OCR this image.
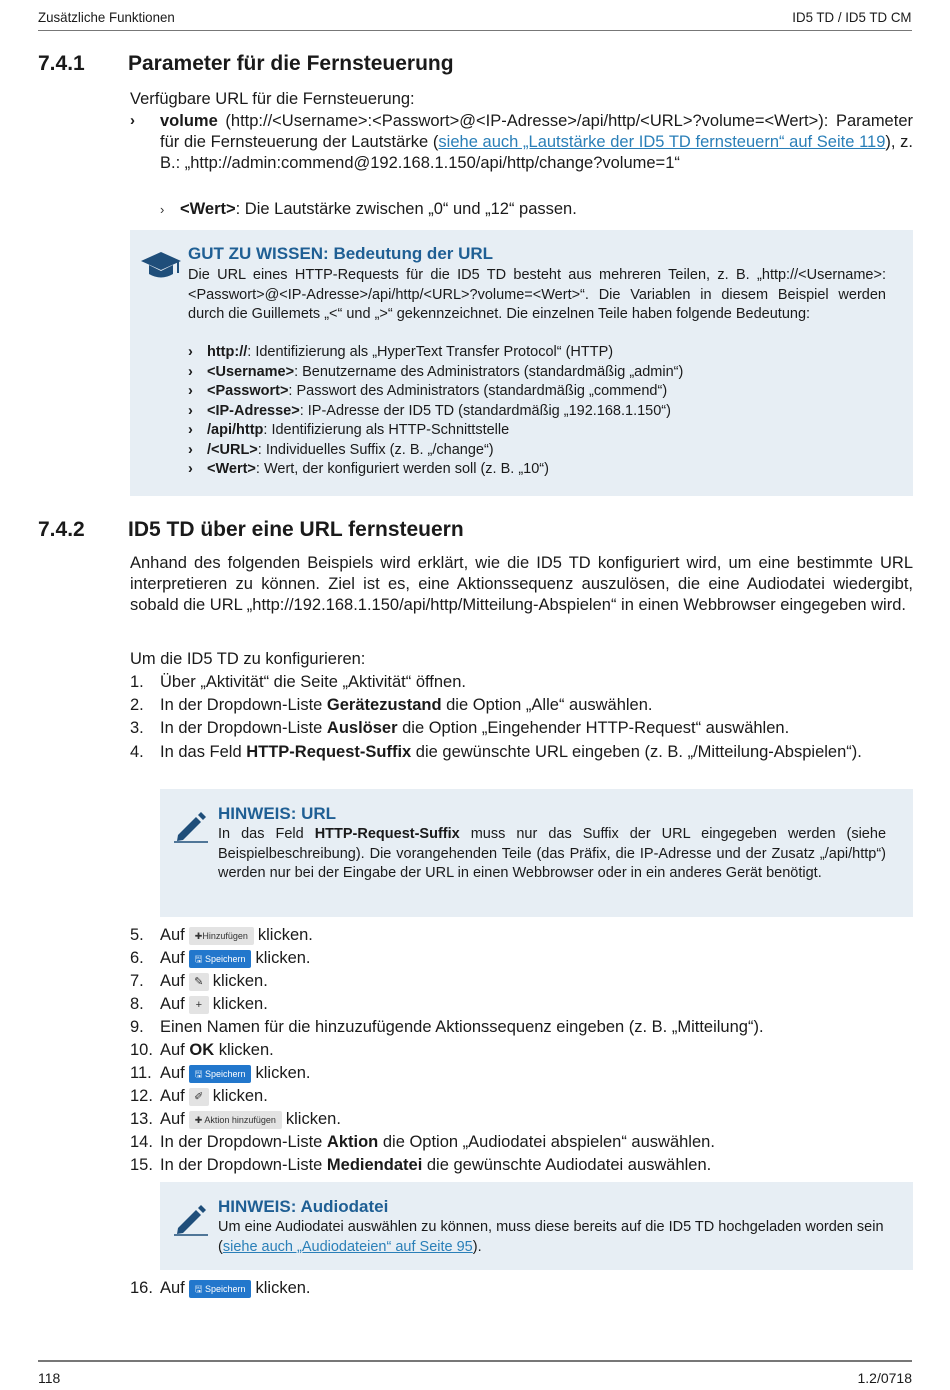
Zusätzliche Funktionen	ID5 TD / ID5 TD CM
7.4.1 Parameter für die Fernsteuerung
Verfügbare URL für die Fernsteuerung:
›	volume (http://<Username>:<Passwort>@<IP-Adresse>/api/http/<URL>?volume=<Wert>): Parameter für die Fernsteuerung der Lautstärke (siehe auch „Lautstärke der ID5 TD fernsteuern“ auf Seite 119), z. B.: „http://admin:commend@192.168.1.150/api/http/change?volume=1“
› <Wert>: Die Lautstärke zwischen „0“ und „12“ passen.
GUT ZU WISSEN: Bedeutung der URL
Die URL eines HTTP-Requests für die ID5 TD besteht aus mehreren Teilen, z. B. „http://<Username>:<Passwort>@<IP-Adresse>/api/http/<URL>?volume=<Wert>“. Die Variablen in diesem Beispiel werden durch die Guillemets „<“ und „>“ gekennzeichnet. Die einzelnen Teile haben folgende Bedeutung:
› http://: Identifizierung als „HyperText Transfer Protocol“ (HTTP)
› <Username>: Benutzername des Administrators (standardmäßig „admin“)
› <Passwort>: Passwort des Administrators (standardmäßig „commend“)
› <IP-Adresse>: IP-Adresse der ID5 TD (standardmäßig „192.168.1.150“)
› /api/http: Identifizierung als HTTP-Schnittstelle
› /<URL>: Individuelles Suffix (z. B. „/change“)
› <Wert>: Wert, der konfiguriert werden soll (z. B. „10“)
7.4.2 ID5 TD über eine URL fernsteuern
Anhand des folgenden Beispiels wird erklärt, wie die ID5 TD konfiguriert wird, um eine bestimmte URL interpretieren zu können. Ziel ist es, eine Aktionssequenz auszulösen, die eine Audiodatei wiedergibt, sobald die URL „http://192.168.1.150/api/http/Mitteilung-Abspielen“ in einen Webbrowser eingegeben wird.
Um die ID5 TD zu konfigurieren:
1. Über „Aktivität“ die Seite „Aktivität“ öffnen.
2. In der Dropdown-Liste Gerätezustand die Option „Alle“ auswählen.
3. In der Dropdown-Liste Auslöser die Option „Eingehender HTTP-Request“ auswählen.
4. In das Feld HTTP-Request-Suffix die gewünschte URL eingeben (z. B. „/Mitteilung-Abspielen“).
HINWEIS: URL
In das Feld HTTP-Request-Suffix muss nur das Suffix der URL eingegeben werden (siehe Beispielbeschreibung). Die vorangehenden Teile (das Präfix, die IP-Adresse und der Zusatz „/api/http“) werden nur bei der Eingabe der URL in einen Webbrowser oder in ein anderes Gerät benötigt.
5. Auf ✚Hinzufügen klicken.
6. Auf 🖫 Speichern klicken.
7. Auf ✎ klicken.
8. Auf + klicken.
9. Einen Namen für die hinzuzufügende Aktionssequenz eingeben (z. B. „Mitteilung“).
10. Auf OK klicken.
11. Auf 🖫 Speichern klicken.
12. Auf ✐ klicken.
13. Auf ✚ Aktion hinzufügen klicken.
14. In der Dropdown-Liste Aktion die Option „Audiodatei abspielen“ auswählen.
15. In der Dropdown-Liste Mediendatei die gewünschte Audiodatei auswählen.
HINWEIS: Audiodatei
Um eine Audiodatei auswählen zu können, muss diese bereits auf die ID5 TD hochgeladen worden sein (siehe auch „Audiodateien“ auf Seite 95).
16. Auf 🖫 Speichern klicken.
118	1.2/0718
